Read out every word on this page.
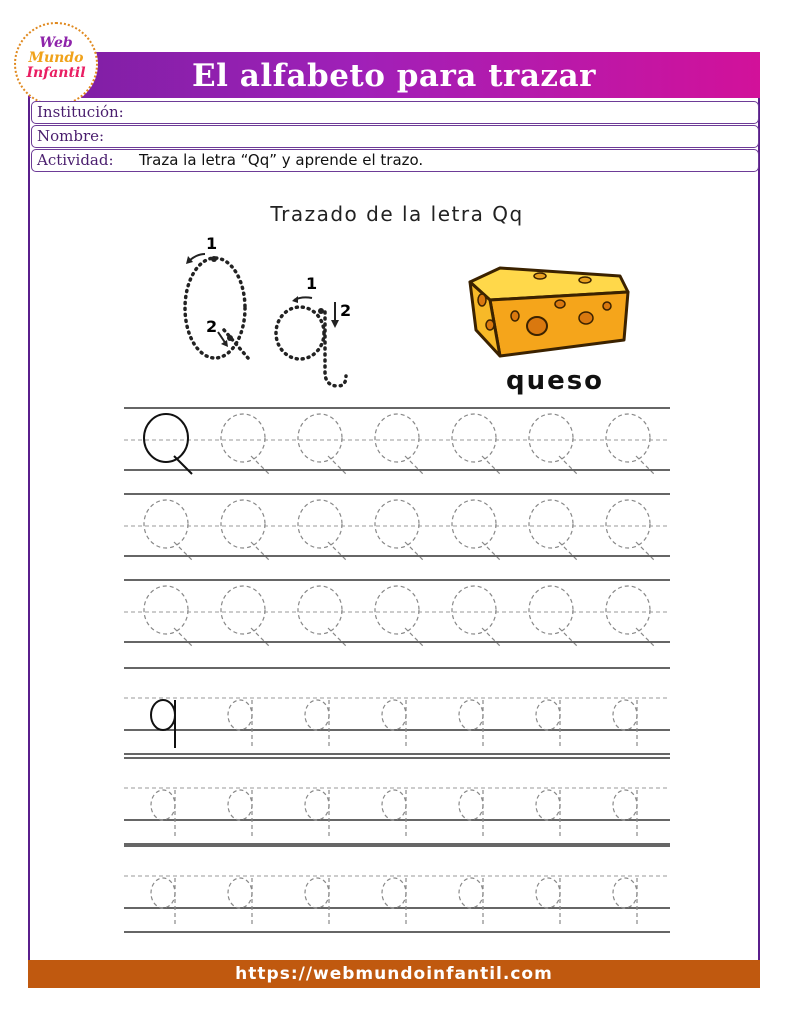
El alfabeto para trazar
Web
Mundo
Infantil
Institución:
Nombre:
Actividad: Traza la letra “Qq” y aprende el trazo.
Trazado de la letra Qq
1
2
1
2
queso
https://webmundoinfantil.com
